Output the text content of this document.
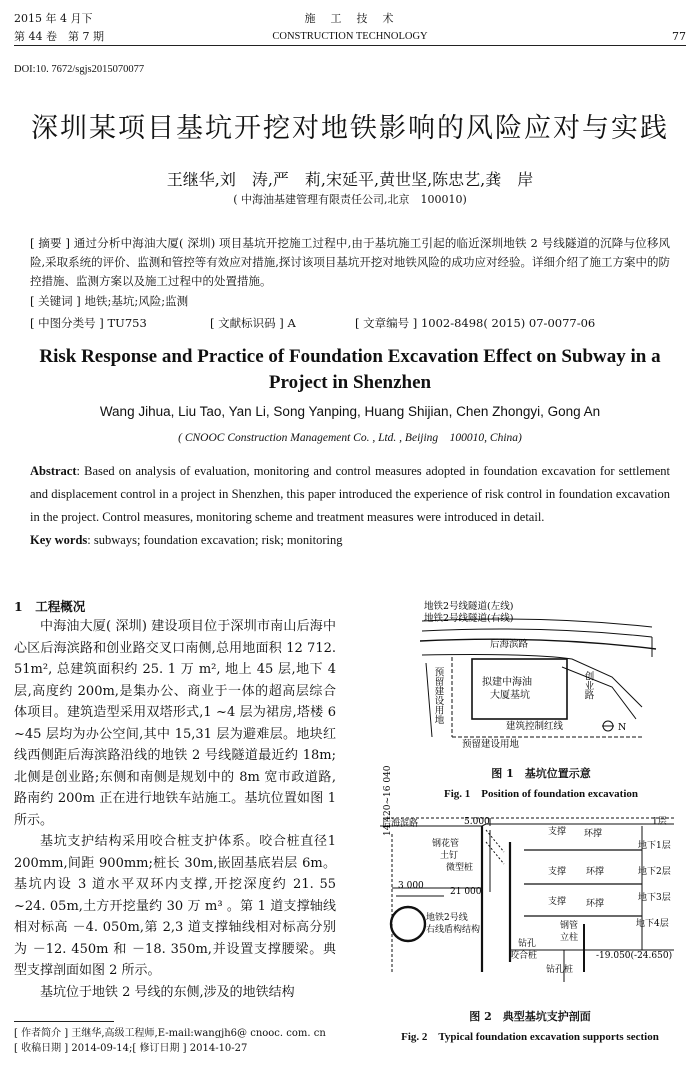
2015 年 4 月下
第 44 卷　第 7 期
施　工　技　术
CONSTRUCTION TECHNOLOGY	77
DOI:10. 7672/sgjs2015070077
深圳某项目基坑开挖对地铁影响的风险应对与实践
王继华,刘　涛,严　莉,宋延平,黄世坚,陈忠艺,龚　岸
( 中海油基建管理有限责任公司,北京　100010)
[ 摘要 ] 通过分析中海油大厦( 深圳) 项目基坑开挖施工过程中,由于基坑施工引起的临近深圳地铁 2 号线隧道的沉降与位移风险,采取系统的评价、监测和管控等有效应对措施,探讨该项目基坑开挖对地铁风险的成功应对经验。详细介绍了施工方案中的防控措施、监测方案以及施工过程中的处置措施。
[ 关键词 ] 地铁;基坑;风险;监测
[ 中图分类号 ] TU753	[ 文献标识码 ] A	[ 文章编号 ] 1002-8498( 2015) 07-0077-06
Risk Response and Practice of Foundation Excavation Effect on Subway in a Project in Shenzhen
Wang Jihua, Liu Tao, Yan Li, Song Yanping, Huang Shijian, Chen Zhongyi, Gong An
( CNOOC Construction Management Co. , Ltd. , Beijing　100010, China)
Abstract: Based on analysis of evaluation, monitoring and control measures adopted in foundation excavation for settlement and displacement control in a project in Shenzhen, this paper introduced the experience of risk control in foundation excavation in the project. Control measures, monitoring scheme and treatment measures were introduced in detail.
Key words: subways; foundation excavation; risk; monitoring
1　工程概况

中海油大厦( 深圳) 建设项目位于深圳市南山后海中心区后海滨路和创业路交叉口南侧,总用地面积 12 712. 51m², 总建筑面积约 25. 1 万 m², 地上 45 层,地下 4 层,高度约 200m,是集办公、商业于一体的超高层综合体项目。建筑造型采用双塔形式,1 ~4 层为裙房,塔楼 6 ~45 层均为办公空间,其中 15,31 层为避难层。地块红线西侧距后海滨路沿线的地铁 2 号线隧道最近约 18m;北侧是创业路;东侧和南侧是规划中的 8m 宽市政道路,路南约 200m 正在进行地铁车站施工。基坑位置如图 1 所示。

基坑支护结构采用咬合桩支护体系。咬合桩直径1 200mm,间距 900mm;桩长 30m,嵌固基底岩层 6m。基坑内设 3 道水平双环内支撑,开挖深度约 21. 55 ~24. 05m,土方开挖量约 30 万 m³ 。第 1 道支撑轴线相对标高 －4. 050m,第 2,3 道支撑轴线相对标高分别为 －12. 450m 和 －18. 350m,并设置支撑腰梁。典型支撑剖面如图 2 所示。

基坑位于地铁 2 号线的东侧,涉及的地铁结构

[ 作者简介 ] 王继华,高级工程师,E-mail:wangjh6@ cnooc. com. cn
[ 收稿日期 ] 2014-09-14;[ 修订日期 ] 2014-10-27
地铁2号线隧道(左线)
地铁2号线隧道(右线)
后海滨路
拟建中海油
大厦基坑
预留建设用地	创业路
建筑控制红线
预留建设用地
N
图 1　基坑位置示意
Fig. 1　Position of foundation excavation
后海滨路	5.000
钢花管
土钉
微型桩
14 420~16 040
3 000
21 000
地铁2号线
右线盾构结构
支撑
支撑
支撑
环撑
环撑
环撑
1层
地下1层
地下2层
地下3层
地下4层
钢管
立柱
钻孔
咬合桩
钻孔桩
-19.050(-24.650)
图 2　典型基坑支护剖面
Fig. 2　Typical foundation excavation supports section
